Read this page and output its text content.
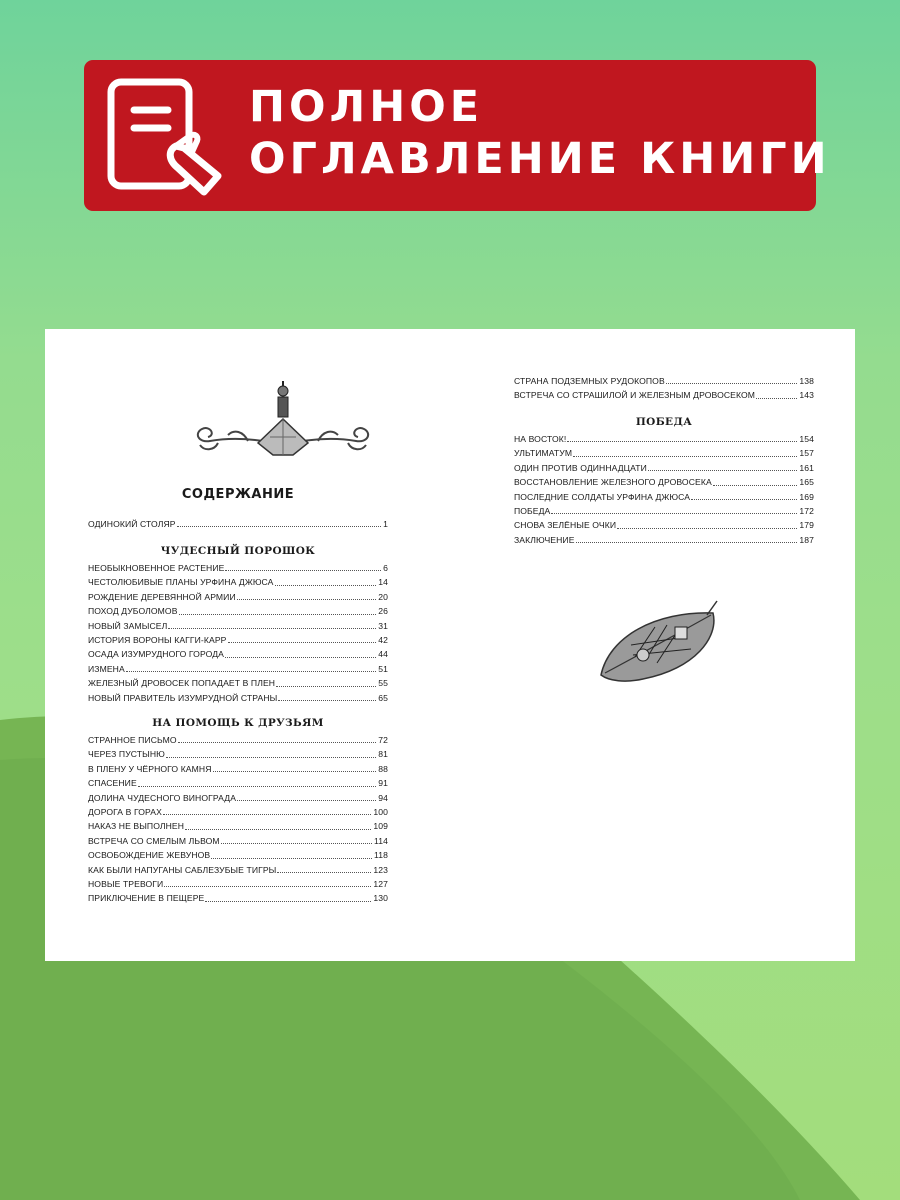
ПОЛНОЕ
ОГЛАВЛЕНИЕ КНИГИ
СОДЕРЖАНИЕ
ОДИНОКИЙ СТОЛЯР	1
ЧУДЕСНЫЙ ПОРОШОК
НЕОБЫКНОВЕННОЕ РАСТЕНИЕ	6
ЧЕСТОЛЮБИВЫЕ ПЛАНЫ УРФИНА ДЖЮСА	14
РОЖДЕНИЕ ДЕРЕВЯННОЙ АРМИИ	20
ПОХОД ДУБОЛОМОВ	26
НОВЫЙ ЗАМЫСЕЛ	31
ИСТОРИЯ ВОРОНЫ КАГГИ-КАРР	42
ОСАДА ИЗУМРУДНОГО ГОРОДА	44
ИЗМЕНА	51
ЖЕЛЕЗНЫЙ ДРОВОСЕК ПОПАДАЕТ В ПЛЕН	55
НОВЫЙ ПРАВИТЕЛЬ ИЗУМРУДНОЙ СТРАНЫ	65
НА ПОМОЩЬ К ДРУЗЬЯМ
СТРАННОЕ ПИСЬМО	72
ЧЕРЕЗ ПУСТЫНЮ	81
В ПЛЕНУ У ЧЁРНОГО КАМНЯ	88
СПАСЕНИЕ	91
ДОЛИНА ЧУДЕСНОГО ВИНОГРАДА	94
ДОРОГА В ГОРАХ	100
НАКАЗ НЕ ВЫПОЛНЕН	109
ВСТРЕЧА СО СМЕЛЫМ ЛЬВОМ	114
ОСВОБОЖДЕНИЕ ЖЕВУНОВ	118
КАК БЫЛИ НАПУГАНЫ САБЛЕЗУБЫЕ ТИГРЫ	123
НОВЫЕ ТРЕВОГИ	127
ПРИКЛЮЧЕНИЕ В ПЕЩЕРЕ	130
СТРАНА ПОДЗЕМНЫХ РУДОКОПОВ	138
ВСТРЕЧА СО СТРАШИЛОЙ И ЖЕЛЕЗНЫМ ДРОВОСЕКОМ	143
ПОБЕДА
НА ВОСТОК!	154
УЛЬТИМАТУМ	157
ОДИН ПРОТИВ ОДИННАДЦАТИ	161
ВОССТАНОВЛЕНИЕ ЖЕЛЕЗНОГО ДРОВОСЕКА	165
ПОСЛЕДНИЕ СОЛДАТЫ УРФИНА ДЖЮСА	169
ПОБЕДА	172
СНОВА ЗЕЛЁНЫЕ ОЧКИ	179
ЗАКЛЮЧЕНИЕ	187
